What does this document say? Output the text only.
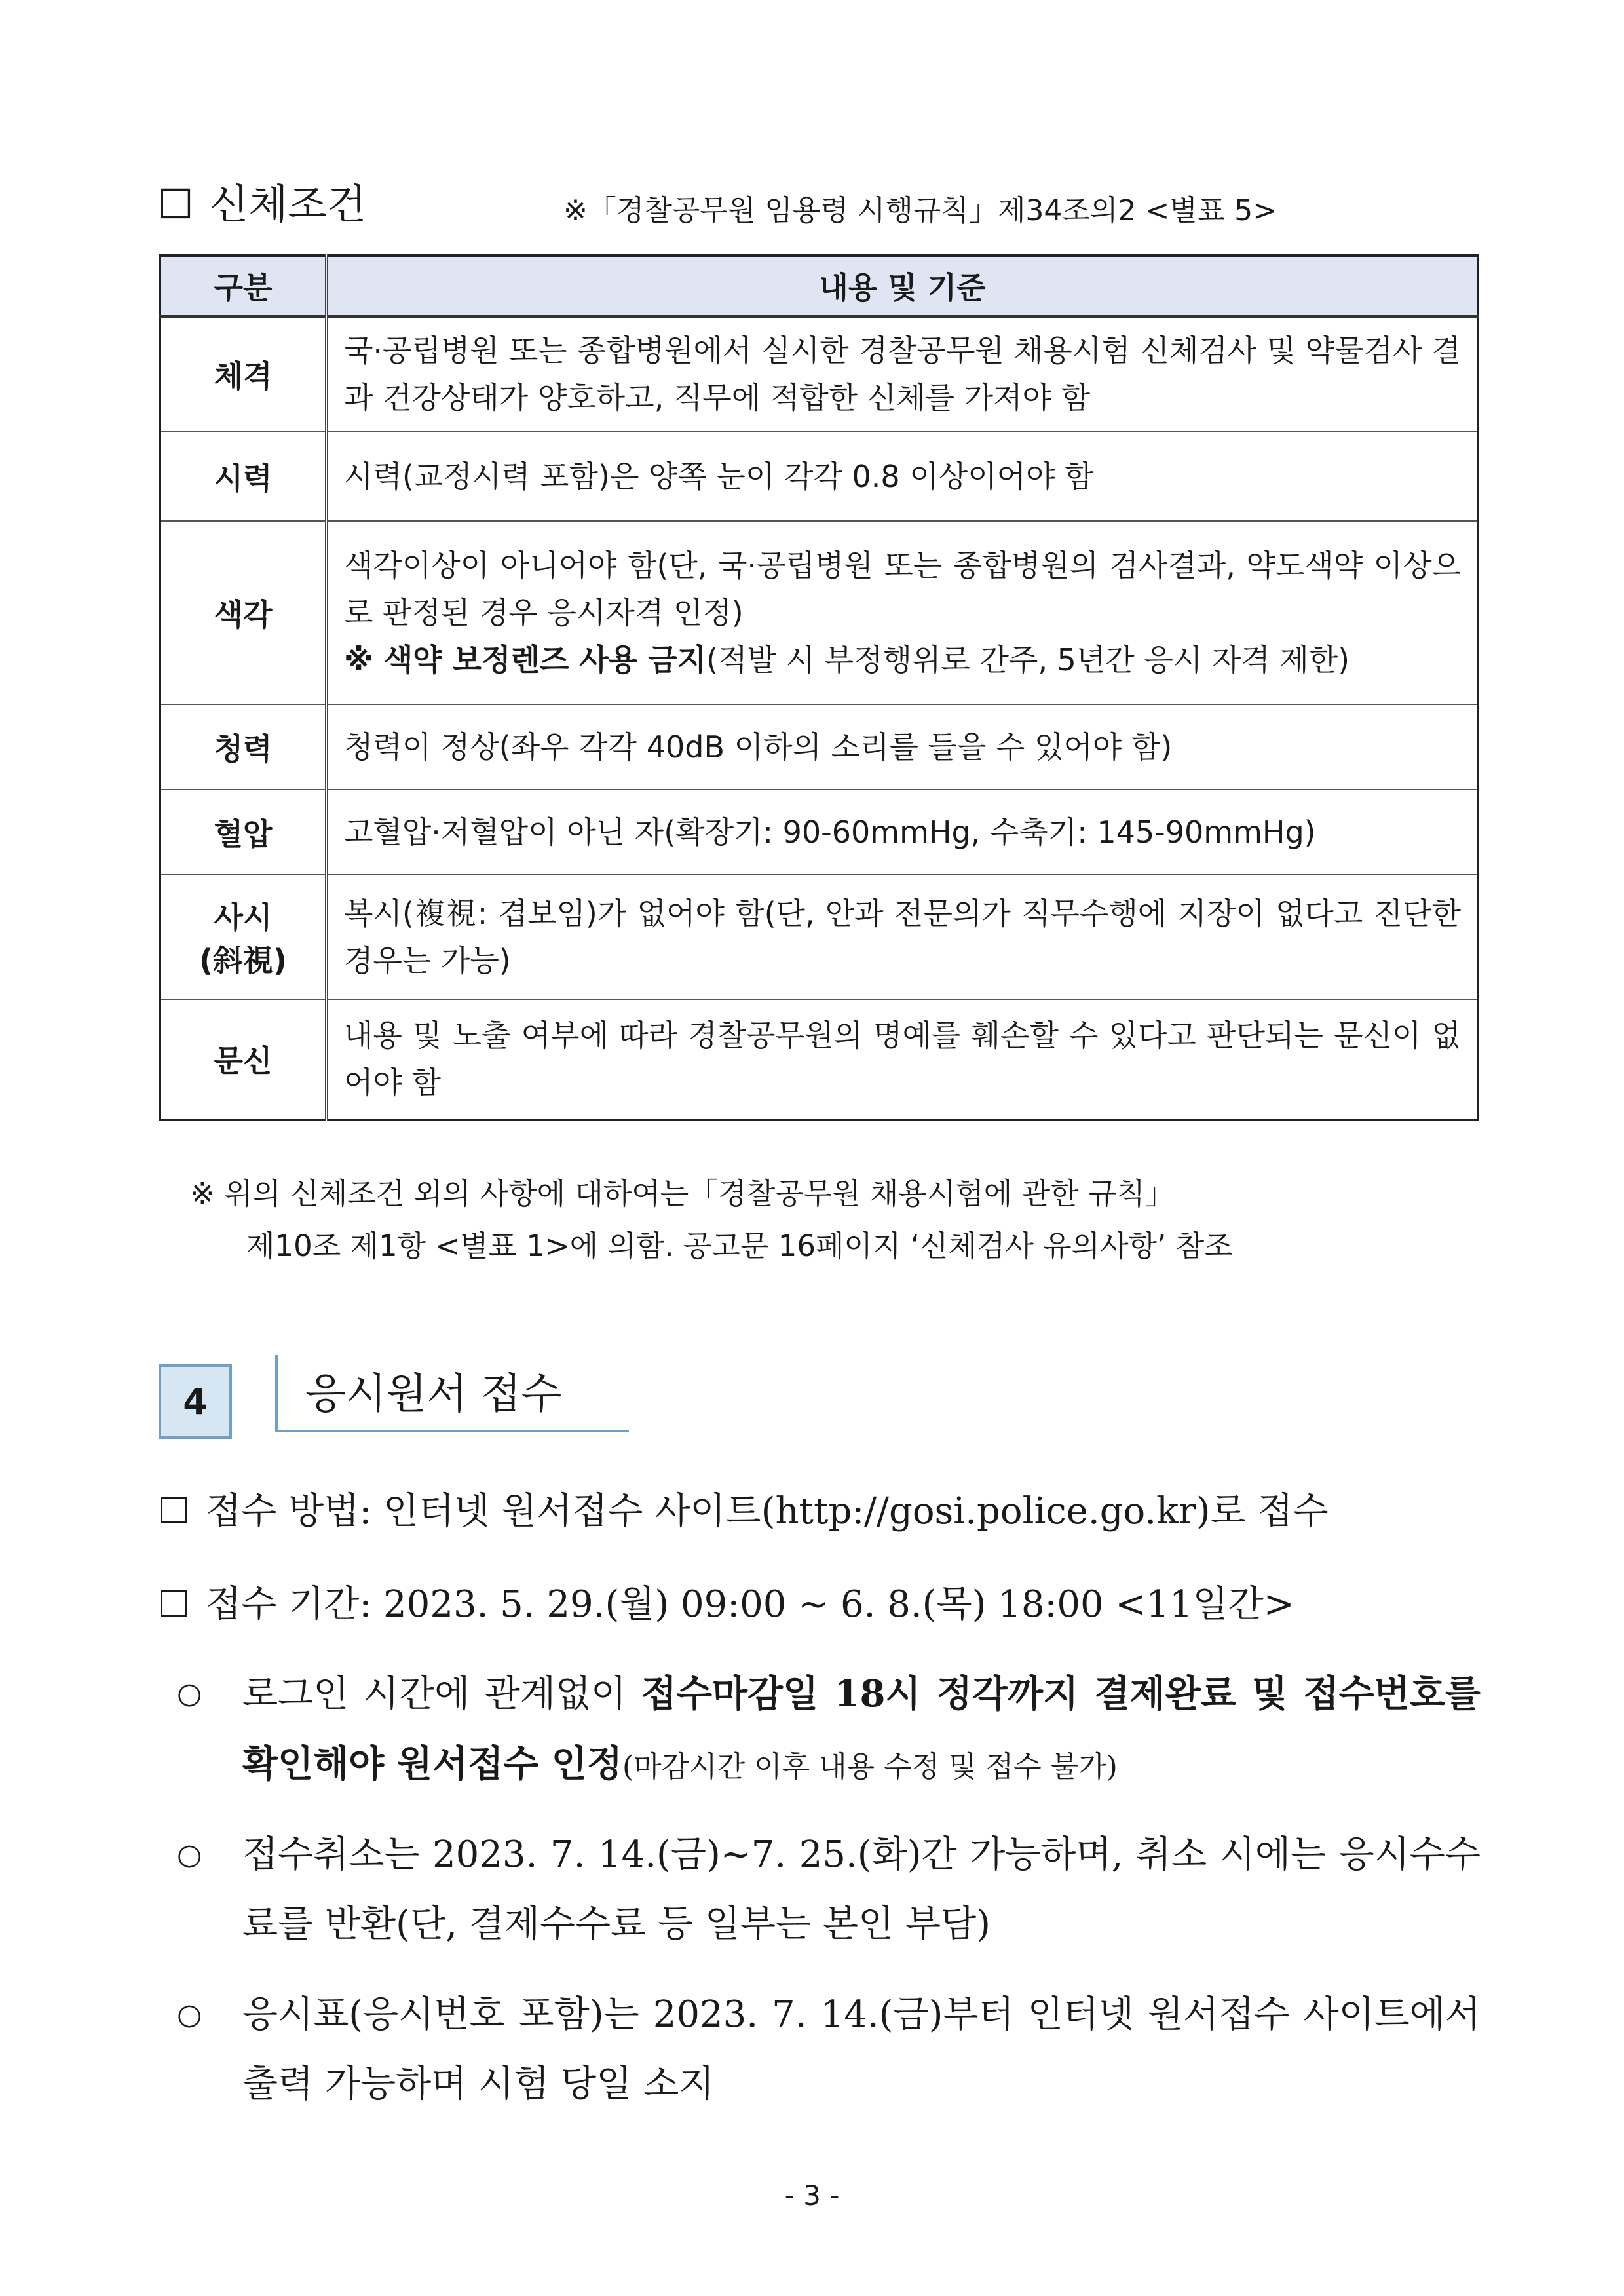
☐ 신체조건	※「경찰공무원 임용령 시행규칙」제34조의2 <별표 5>
구분	내용 및 기준
체격	국·공립병원 또는 종합병원에서 실시한 경찰공무원 채용시험 신체검사 및 약물검사 결과 건강상태가 양호하고, 직무에 적합한 신체를 가져야 함
시력	시력(교정시력 포함)은 양쪽 눈이 각각 0.8 이상이어야 함
색각	색각이상이 아니어야 함(단, 국·공립병원 또는 종합병원의 검사결과, 약도색약 이상으로 판정된 경우 응시자격 인정)
※ 색약 보정렌즈 사용 금지(적발 시 부정행위로 간주, 5년간 응시 자격 제한)
청력	청력이 정상(좌우 각각 40dB 이하의 소리를 들을 수 있어야 함)
혈압	고혈압·저혈압이 아닌 자(확장기: 90-60mmHg, 수축기: 145-90mmHg)

사시
(斜視)	복시(複視: 겹보임)가 없어야 함(단, 안과 전문의가 직무수행에 지장이 없다고 진단한 경우는 가능)
문신	내용 및 노출 여부에 따라 경찰공무원의 명예를 훼손할 수 있다고 판단되는 문신이 없어야 함
※ 위의 신체조건 외의 사항에 대하여는「경찰공무원 채용시험에 관한 규칙」
제10조 제1항 <별표 1>에 의함. 공고문 16페이지 ‘신체검사 유의사항’ 참조
4	응시원서 접수
☐ 접수 방법: 인터넷 원서접수 사이트(http://gosi.police.go.kr)로 접수
☐ 접수 기간: 2023. 5. 29.(월) 09:00 ~ 6. 8.(목) 18:00 <11일간>
○	로그인 시간에 관계없이 접수마감일 18시 정각까지 결제완료 및 접수번호를 확인해야 원서접수 인정(마감시간 이후 내용 수정 및 접수 불가)
○	접수취소는 2023. 7. 14.(금)~7. 25.(화)간 가능하며, 취소 시에는 응시수수료를 반환(단, 결제수수료 등 일부는 본인 부담)
○	응시표(응시번호 포함)는 2023. 7. 14.(금)부터 인터넷 원서접수 사이트에서 출력 가능하며 시험 당일 소지
- 3 -
